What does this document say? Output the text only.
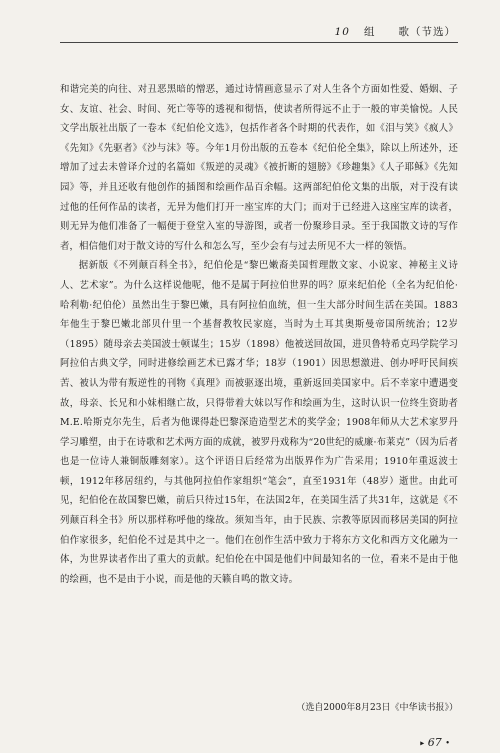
10 组　　歌（节选）

和谐完美的向往、对丑恶黑暗的憎恶，通过诗情画意显示了对人生各个方面如性爱、婚姻、子女、友谊、社会、时间、死亡等等的透视和彻悟，使读者所得远不止于一般的审美愉悦。人民文学出版社出版了一卷本《纪伯伦文选》，包括作者各个时期的代表作，如《泪与笑》《疯人》《先知》《先驱者》《沙与沫》等。今年1月份出版的五卷本《纪伯伦全集》，除以上所述外，还增加了过去未曾译介过的名篇如《叛逆的灵魂》《被折断的翅膀》《珍趣集》《人子耶稣》《先知园》等，并且还收有他创作的插图和绘画作品百余幅。这两部纪伯伦文集的出版，对于没有读过他的任何作品的读者，无异为他们打开一座宝库的大门；而对于已经进入这座宝库的读者，则无异为他们准备了一幅便于登堂入室的导游图，或者一份聚珍目录。至于我国散文诗的写作者，相信他们对于散文诗的写什么和怎么写，至少会有与过去所见不大一样的领悟。

据新版《不列颠百科全书》，纪伯伦是“黎巴嫩裔美国哲理散文家、小说家、神秘主义诗人、艺术家”。为什么这样说他呢，他不是属于阿拉伯世界的吗？原来纪伯伦（全名为纪伯伦·哈利勒·纪伯伦）虽然出生于黎巴嫩，具有阿拉伯血统，但一生大部分时间生活在美国。1883年他生于黎巴嫩北部贝什里一个基督教牧民家庭，当时为土耳其奥斯曼帝国所统治；12岁（1895）随母亲去美国波士顿谋生；15岁（1898）他被送回故国，进贝鲁特希克玛学院学习阿拉伯古典文学，同时进修绘画艺术已露才华；18岁（1901）因思想激进、创办呼吁民间疾苦、被认为带有叛逆性的刊物《真理》而被驱逐出境，重新返回美国家中。后不幸家中遭遇变故，母亲、长兄和小妹相继亡故，只得带着大妹以写作和绘画为生，这时认识一位终生资助者M.E.哈斯克尔先生，后者为他课得赴巴黎深造造型艺术的奖学金；1908年师从大艺术家罗丹学习雕塑，由于在诗歌和艺术两方面的成就，被罗丹戏称为“20世纪的威廉·布莱克”（因为后者也是一位诗人兼铜版雕刻家）。这个评语日后经常为出版界作为广告采用；1910年重返波士顿，1912年移居纽约，与其他阿拉伯作家组织“笔会”，直至1931年（48岁）逝世。由此可见，纪伯伦在故国黎巴嫩，前后只待过15年，在法国2年，在美国生活了共31年，这就是《不列颠百科全书》所以那样称呼他的缘故。须知当年，由于民族、宗教等原因而移居美国的阿拉伯作家很多，纪伯伦不过是其中之一。他们在创作生活中致力于将东方文化和西方文化融为一体，为世界读者作出了重大的贡献。纪伯伦在中国是他们中间最知名的一位，看来不是由于他的绘画，也不是由于小说，而是他的天籁自鸣的散文诗。

（选自2000年8月23日《中华读书报》）
▸ 67 •
